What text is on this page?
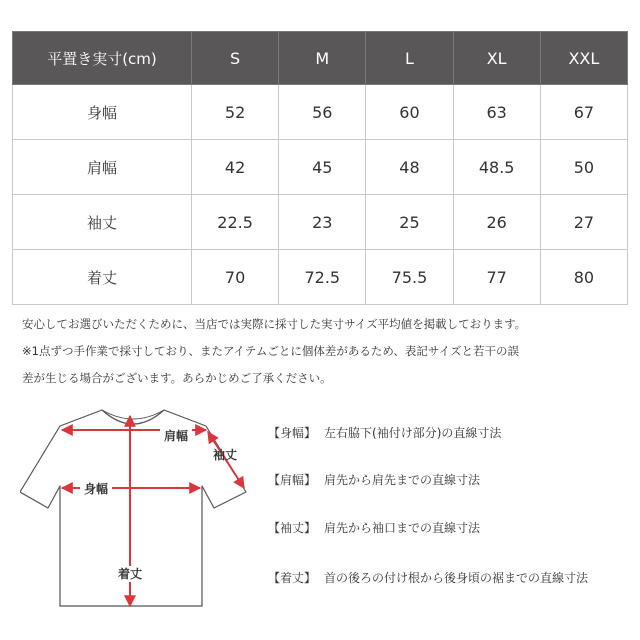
平置き実寸(cm)	S	M	L	XL	XXL
身幅	52	56	60	63	67
肩幅	42	45	48	48.5	50
袖丈	22.5	23	25	26	27
着丈	70	72.5	75.5	77	80

安心してお選びいただくために、当店では実際に採寸した実寸サイズ平均値を掲載しております。

※1点ずつ手作業で採寸しており、またアイテムごとに個体差があるため、表記サイズと若干の誤

差が生じる場合がございます。あらかじめご了承ください。

肩幅
袖丈
身幅
着丈
【身幅】 左右脇下(袖付け部分)の直線寸法
【肩幅】 肩先から肩先までの直線寸法
【袖丈】 肩先から袖口までの直線寸法
【着丈】 首の後ろの付け根から後身頃の裾までの直線寸法
